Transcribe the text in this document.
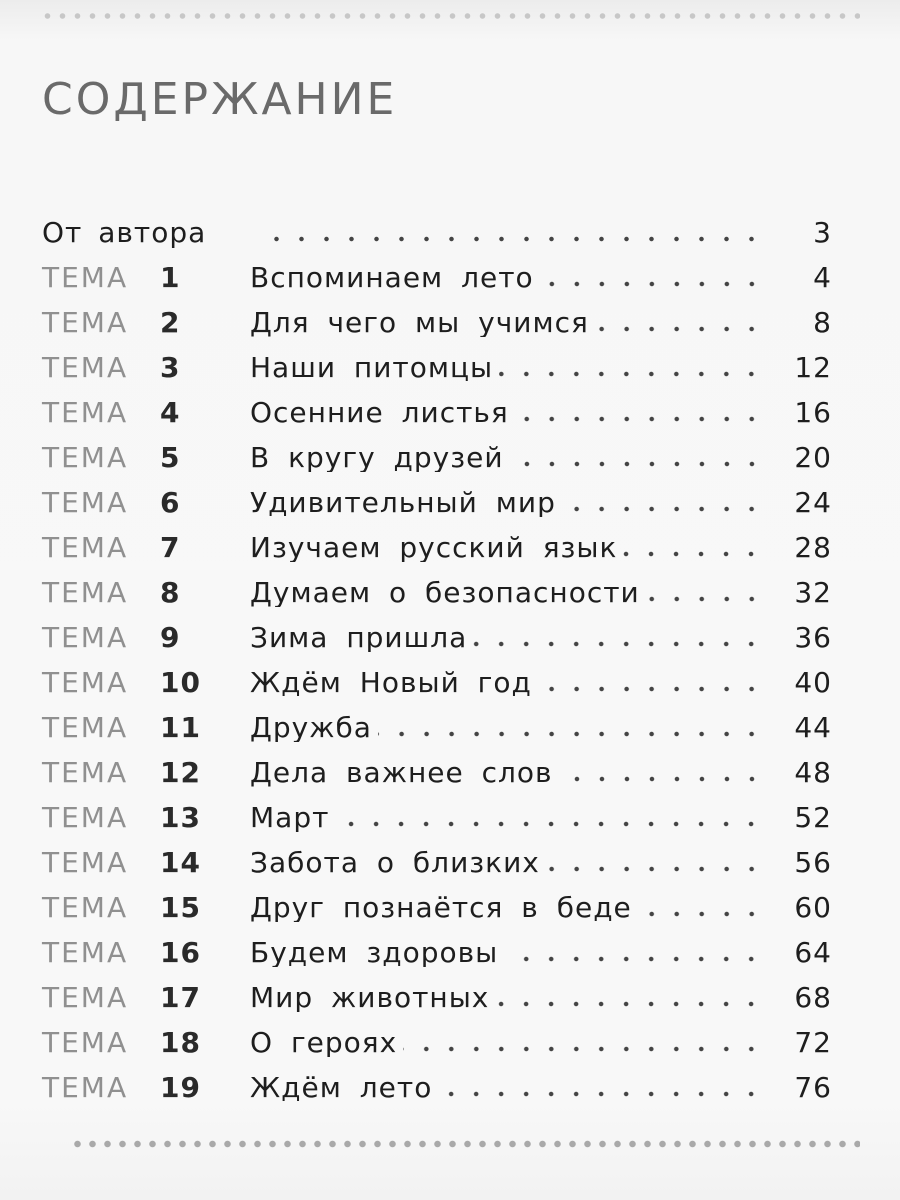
СОДЕРЖАНИЕ
От автора	3
ТЕМА	1	Вспоминаем лето	4
ТЕМА	2	Для чего мы учимся	8
ТЕМА	3	Наши питомцы	12
ТЕМА	4	Осенние листья	16
ТЕМА	5	В кругу друзей	20
ТЕМА	6	Удивительный мир	24
ТЕМА	7	Изучаем русский язык	28
ТЕМА	8	Думаем о безопасности	32
ТЕМА	9	Зима пришла	36
ТЕМА	10	Ждём Новый год	40
ТЕМА	11	Дружба	44
ТЕМА	12	Дела важнее слов	48
ТЕМА	13	Март	52
ТЕМА	14	Забота о близких	56
ТЕМА	15	Друг познаётся в беде	60
ТЕМА	16	Будем здоровы	64
ТЕМА	17	Мир животных	68
ТЕМА	18	О героях	72
ТЕМА	19	Ждём лето	76
